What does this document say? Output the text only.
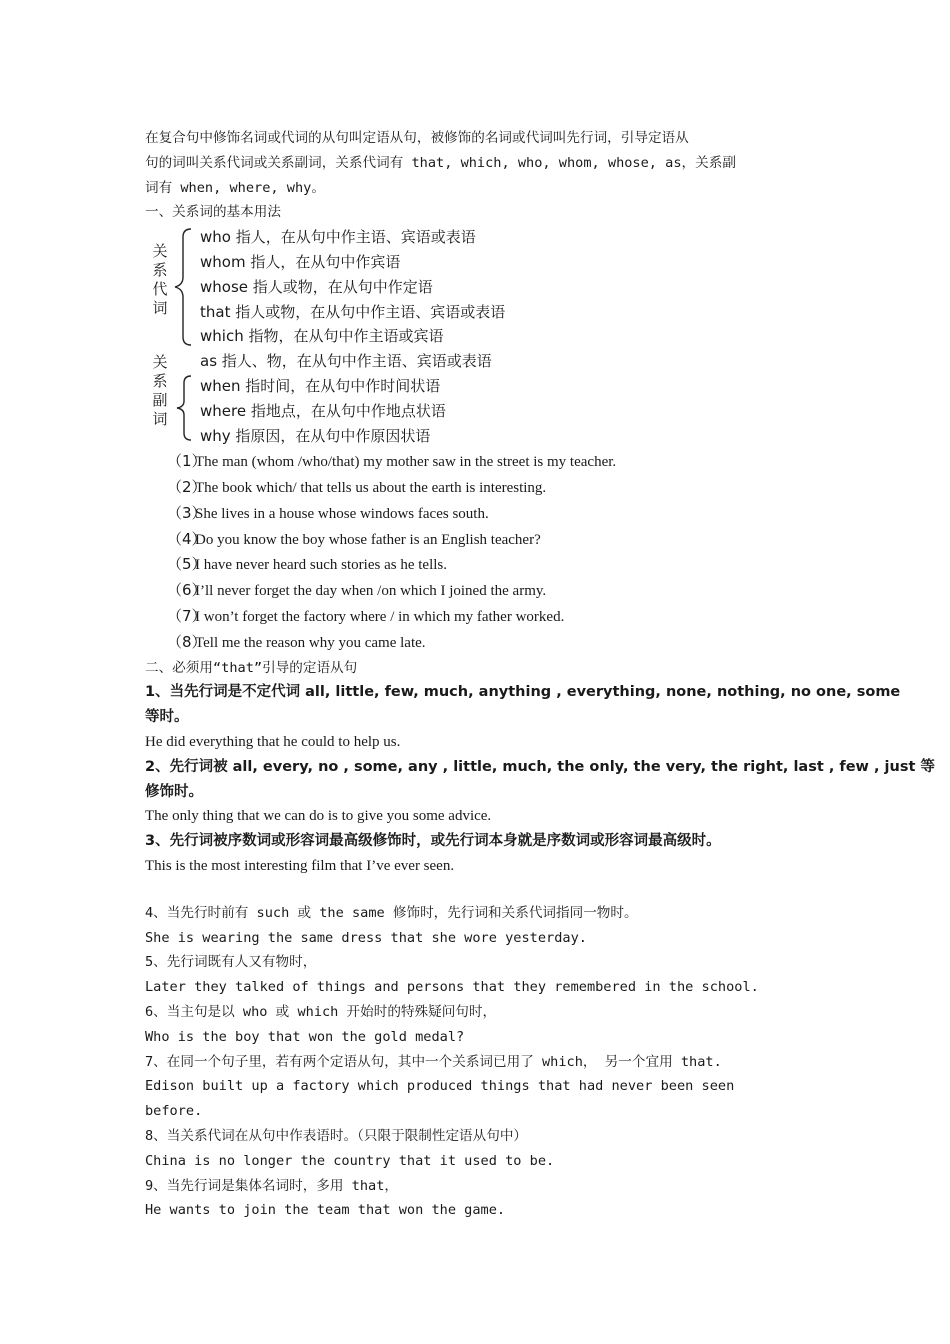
在复合句中修饰名词或代词的从句叫定语从句，被修饰的名词或代词叫先行词，引导定语从
句的词叫关系代词或关系副词，关系代词有 that, which, who, whom, whose, as，关系副
词有 when, where, why。
一、关系词的基本用法
关
系
代
词
who 指人，在从句中作主语、宾语或表语
whom 指人，在从句中作宾语
whose 指人或物，在从句中作定语
that 指人或物，在从句中作主语、宾语或表语
which 指物，在从句中作主语或宾语
关
系
副
词
as 指人、物，在从句中作主语、宾语或表语
when 指时间，在从句中作时间状语
where 指地点，在从句中作地点状语
why 指原因，在从句中作原因状语
（1）The man (whom /who/that) my mother saw in the street is my teacher.
（2）The book which/ that tells us about the earth is interesting.
（3）She lives in a house whose windows faces south.
（4）Do you know the boy whose father is an English teacher?
（5）I have never heard such stories as he tells.
（6）I’ll never forget the day when /on which I joined the army.
（7）I won’t forget the factory where / in which my father worked.
（8）Tell me the reason why you came late.
二、必须用“that”引导的定语从句
1、当先行词是不定代词 all, little, few, much, anything , everything, none, nothing, no one, some
等时。
He did everything that he could to help us.
2、先行词被 all, every, no , some, any , little, much, the only, the very, the right, last , few , just 等
修饰时。
The only thing that we can do is to give you some advice.
3、先行词被序数词或形容词最高级修饰时，或先行词本身就是序数词或形容词最高级时。
This is the most interesting film that I’ve ever seen.
4、当先行时前有 such 或 the same 修饰时，先行词和关系代词指同一物时。
She is wearing the same dress that she wore yesterday.
5、先行词既有人又有物时，
Later they talked of things and persons that they remembered in the school.
6、当主句是以 who 或 which 开始时的特殊疑问句时，
Who is the boy that won the gold medal?
7、在同一个句子里，若有两个定语从句，其中一个关系词已用了 which， 另一个宜用 that.
Edison built up a factory which produced things that had never been seen
before.
8、当关系代词在从句中作表语时。（只限于限制性定语从句中）
China is no longer the country that it used to be.
9、当先行词是集体名词时，多用 that，
He wants to join the team that won the game.
